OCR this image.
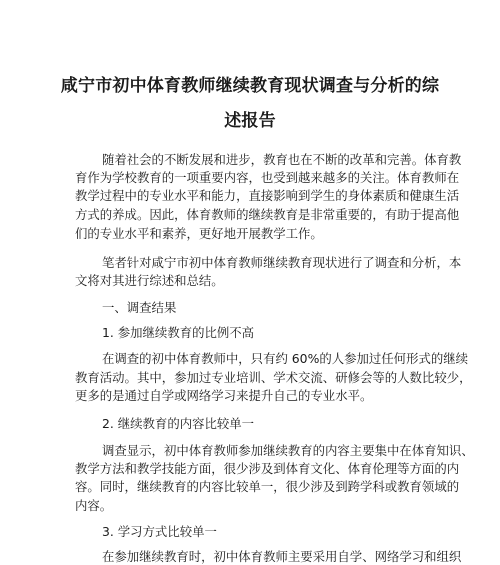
咸宁市初中体育教师继续教育现状调查与分析的综
述报告
随着社会的不断发展和进步，教育也在不断的改革和完善。体育教
育作为学校教育的一项重要内容，也受到越来越多的关注。体育教师在
教学过程中的专业水平和能力，直接影响到学生的身体素质和健康生活
方式的养成。因此，体育教师的继续教育是非常重要的，有助于提高他
们的专业水平和素养，更好地开展教学工作。
笔者针对咸宁市初中体育教师继续教育现状进行了调查和分析，本
文将对其进行综述和总结。
一、调查结果
1. 参加继续教育的比例不高
在调查的初中体育教师中，只有约 60%的人参加过任何形式的继续
教育活动。其中，参加过专业培训、学术交流、研修会等的人数比较少，
更多的是通过自学或网络学习来提升自己的专业水平。
2. 继续教育的内容比较单一
调查显示，初中体育教师参加继续教育的内容主要集中在体育知识、
教学方法和教学技能方面，很少涉及到体育文化、体育伦理等方面的内
容。同时，继续教育的内容比较单一，很少涉及到跨学科或教育领域的
内容。
3. 学习方式比较单一
在参加继续教育时，初中体育教师主要采用自学、网络学习和组织
